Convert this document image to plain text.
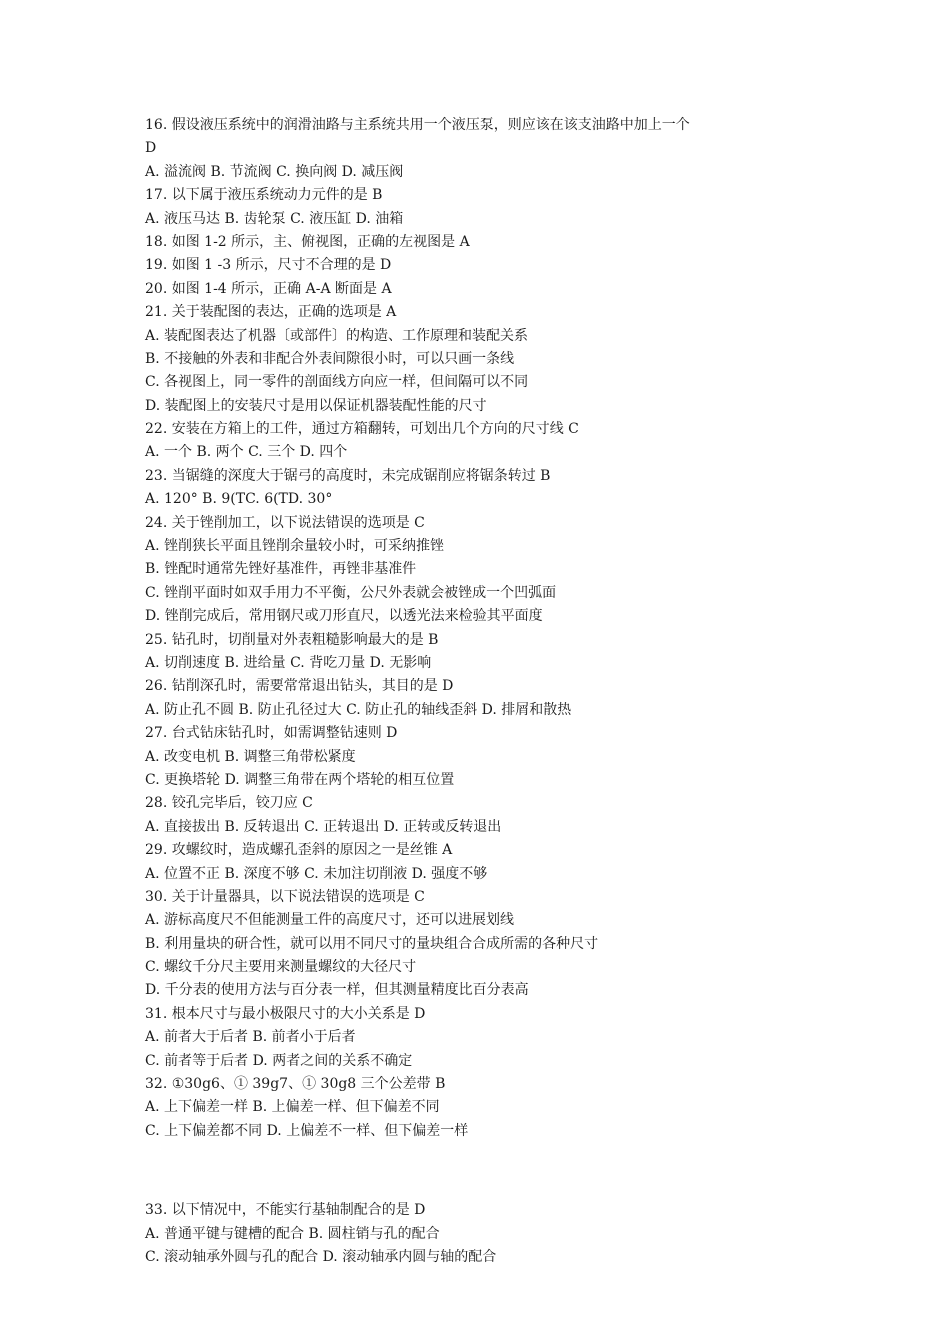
16. 假设液压系统中的润滑油路与主系统共用一个液压泵，则应该在该支油路中加上一个
D
A. 溢流阀 B. 节流阀 C. 换向阀 D. 减压阀
17. 以下属于液压系统动力元件的是 B
A. 液压马达 B. 齿轮泵 C. 液压缸 D. 油箱
18. 如图 1-2 所示，主、俯视图，正确的左视图是 A
19. 如图 1 -3 所示，尺寸不合理的是 D
20. 如图 1-4 所示，正确 A-A 断面是 A
21. 关于装配图的表达，正确的选项是 A
A. 装配图表达了机器〔或部件〕的构造、工作原理和装配关系
B. 不接触的外表和非配合外表间隙很小时，可以只画一条线
C. 各视图上，同一零件的剖面线方向应一样，但间隔可以不同
D. 装配图上的安装尺寸是用以保证机器装配性能的尺寸
22. 安装在方箱上的工件，通过方箱翻转，可划出几个方向的尺寸线 C
A. 一个 B. 两个 C. 三个 D. 四个
23. 当锯缝的深度大于锯弓的高度时，未完成锯削应将锯条转过 B
A. 120° B. 9(TC. 6(TD. 30°
24. 关于锉削加工，以下说法错误的选项是 C
A. 锉削狭长平面且锉削余量较小时，可采纳推锉
B. 锉配时通常先锉好基准件，再锉非基准件
C. 锉削平面时如双手用力不平衡，公尺外表就会被锉成一个凹弧面
D. 锉削完成后，常用钢尺或刀形直尺，以透光法来检验其平面度
25. 钻孔时，切削量对外表粗糙影响最大的是 B
A. 切削速度 B. 进给量 C. 背吃刀量 D. 无影响
26. 钻削深孔时，需要常常退出钻头，其目的是 D
A. 防止孔不圆 B. 防止孔径过大 C. 防止孔的轴线歪斜 D. 排屑和散热
27. 台式钻床钻孔时，如需调整钻速则 D
A. 改变电机 B. 调整三角带松紧度
C. 更换塔轮 D. 调整三角带在两个塔轮的相互位置
28. 铰孔完毕后，铰刀应 C
A. 直接拔出 B. 反转退出 C. 正转退出 D. 正转或反转退出
29. 攻螺纹时，造成螺孔歪斜的原因之一是丝锥 A
A. 位置不正 B. 深度不够 C. 未加注切削液 D. 强度不够
30. 关于计量器具，以下说法错误的选项是 C
A. 游标高度尺不但能测量工件的高度尺寸，还可以进展划线
B. 利用量块的研合性，就可以用不同尺寸的量块组合合成所需的各种尺寸
C. 螺纹千分尺主要用来测量螺纹的大径尺寸
D. 千分表的使用方法与百分表一样，但其测量精度比百分表高
31. 根本尺寸与最小极限尺寸的大小关系是 D
A. 前者大于后者 B. 前者小于后者
C. 前者等于后者 D. 两者之间的关系不确定
32. ①30g6、① 39g7、① 30g8 三个公差带 B
A. 上下偏差一样 B. 上偏差一样、但下偏差不同
C. 上下偏差都不同 D. 上偏差不一样、但下偏差一样
33. 以下情况中，不能实行基轴制配合的是 D
A. 普通平键与键槽的配合 B. 圆柱销与孔的配合
C. 滚动轴承外圆与孔的配合 D. 滚动轴承内圆与轴的配合
